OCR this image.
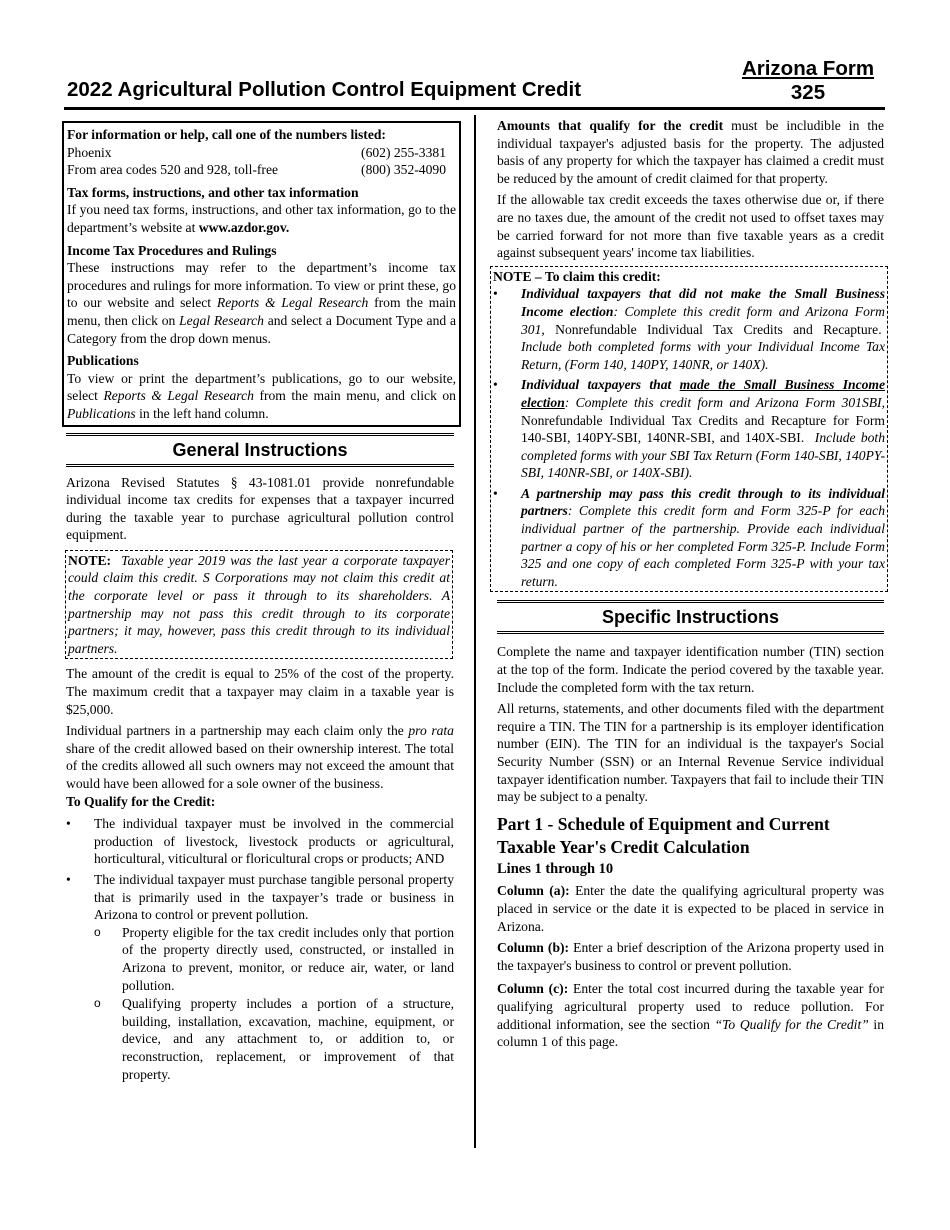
2022 Agricultural Pollution Control Equipment Credit
Arizona Form
325

For information or help, call one of the numbers listed:

Phoenix	(602) 255-3381

From area codes 520 and 928, toll-free	(800) 352-4090

Tax forms, instructions, and other tax information

If you need tax forms, instructions, and other tax information, go to the department’s website at www.azdor.gov.

Income Tax Procedures and Rulings

These instructions may refer to the department’s income tax procedures and rulings for more information. To view or print these, go to our website and select Reports & Legal Research from the main menu, then click on Legal Research and select a Document Type and a Category from the drop down menus.

Publications

To view or print the department’s publications, go to our website, select Reports & Legal Research from the main menu, and click on Publications in the left hand column.

General Instructions

Arizona Revised Statutes § 43-1081.01 provide nonrefundable individual income tax credits for expenses that a taxpayer incurred during the taxable year to purchase agricultural pollution control equipment.

NOTE: Taxable year 2019 was the last year a corporate taxpayer could claim this credit. S Corporations may not claim this credit at the corporate level or pass it through to its shareholders. A partnership may not pass this credit through to its corporate partners; it may, however, pass this credit through to its individual partners.

The amount of the credit is equal to 25% of the cost of the property. The maximum credit that a taxpayer may claim in a taxable year is $25,000.

Individual partners in a partnership may each claim only the pro rata share of the credit allowed based on their ownership interest. The total of the credits allowed all such owners may not exceed the amount that would have been allowed for a sole owner of the business.

To Qualify for the Credit:

• The individual taxpayer must be involved in the commercial production of livestock, livestock products or agricultural, horticultural, viticultural or floricultural crops or products; AND
• The individual taxpayer must purchase tangible personal property that is primarily used in the taxpayer’s trade or business in Arizona to control or prevent pollution.
o Property eligible for the tax credit includes only that portion of the property directly used, constructed, or installed in Arizona to prevent, monitor, or reduce air, water, or land pollution.
o Qualifying property includes a portion of a structure, building, installation, excavation, machine, equipment, or device, and any attachment to, or addition to, or reconstruction, replacement, or improvement of that property.

Amounts that qualify for the credit must be includible in the individual taxpayer's adjusted basis for the property. The adjusted basis of any property for which the taxpayer has claimed a credit must be reduced by the amount of credit claimed for that property.

If the allowable tax credit exceeds the taxes otherwise due or, if there are no taxes due, the amount of the credit not used to offset taxes may be carried forward for not more than five taxable years as a credit against subsequent years' income tax liabilities.

NOTE – To claim this credit:

• Individual taxpayers that did not make the Small Business Income election: Complete this credit form and Arizona Form 301, Nonrefundable Individual Tax Credits and Recapture.  Include both completed forms with your Individual Income Tax Return, (Form 140, 140PY, 140NR, or 140X).
• Individual taxpayers that made the Small Business Income election: Complete this credit form and Arizona Form 301SBI, Nonrefundable Individual Tax Credits and Recapture for Form 140-SBI, 140PY-SBI, 140NR-SBI, and 140X-SBI. Include both completed forms with your SBI Tax Return (Form 140-SBI, 140PY-SBI, 140NR-SBI, or 140X-SBI).
• A partnership may pass this credit through to its individual partners: Complete this credit form and Form 325-P for each individual partner of the partnership. Provide each individual partner a copy of his or her completed Form 325-P. Include Form 325 and one copy of each completed Form 325-P with your tax return.
Specific Instructions

Complete the name and taxpayer identification number (TIN) section at the top of the form. Indicate the period covered by the taxable year. Include the completed form with the tax return.

All returns, statements, and other documents filed with the department require a TIN. The TIN for a partnership is its employer identification number (EIN). The TIN for an individual is the taxpayer's Social Security Number (SSN) or an Internal Revenue Service individual taxpayer identification number. Taxpayers that fail to include their TIN may be subject to a penalty.

Part 1 - Schedule of Equipment and Current Taxable Year's Credit Calculation

Lines 1 through 10

Column (a): Enter the date the qualifying agricultural property was placed in service or the date it is expected to be placed in service in Arizona.

Column (b): Enter a brief description of the Arizona property used in the taxpayer's business to control or prevent pollution.

Column (c): Enter the total cost incurred during the taxable year for qualifying agricultural property used to reduce pollution. For additional information, see the section “To Qualify for the Credit” in column 1 of this page.
